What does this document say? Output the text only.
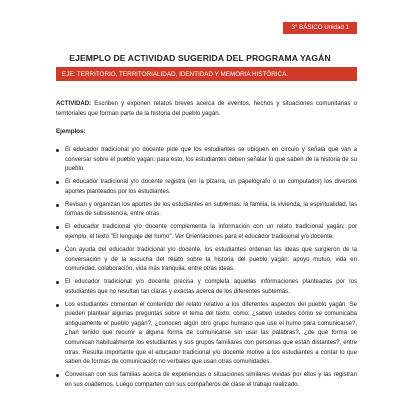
3° BÁSICO Unidad 1
EJEMPLO DE ACTIVIDAD SUGERIDA DEL PROGRAMA YAGÁN
EJE: TERRITORIO, TERRITORIALIDAD, IDENTIDAD Y MEMORIA HISTÓRICA.
ACTIVIDAD: Escriben y exponen relatos breves acerca de eventos, hechos y situaciones comunitarias o territoriales que forman parte de la historia del pueblo yagán.
Ejemplos:
El educador tradicional y/o docente pide que los estudiantes se ubiquen en círculo y señala que van a conversar sobre el pueblo yagán; para esto, los estudiantes deben señalar lo que saben de la historia de su pueblo.
El educador tradicional y/o docente registra (en la pizarra, un papelógrafo o un computador) los diversos aportes planteados por los estudiantes.
Revisan y organizan los aportes de los estudiantes en subtemas: la familia, la vivienda, la espiritualidad, las formas de subsistencia, entre otras.
El educador tradicional y/o docente complementa la información con un relato tradicional yagán; por ejemplo, el texto "El lenguaje del humo". Ver Orientaciones para el educador tradicional y/o docente.
Con ayuda del educador tradicional y/o docente, los estudiantes ordenan las ideas que surgieron de la conversación y de la escucha del relato sobre la historia del pueblo yagán: apoyo mutuo, vida en comunidad, colaboración, vida más tranquila, entre otras ideas.
El educador tradicional y/o docente precisa y completa aquellas informaciones planteadas por los estudiantes que no resultan tan claras y exactas acerca de los diferentes subtemas.
Los estudiantes comentan el contenido del relato relativo a los diferentes aspectos del pueblo yagán. Se pueden plantear algunas preguntas sobre el tema del texto, como: ¿saben ustedes cómo se comunicaba antiguamente el pueblo yagán?, ¿conocen algún otro grupo humano que use el humo para comunicarse?, ¿han tenido que recurrir a alguna forma de comunicarse sin usar las palabras?, ¿de qué forma se comunican habitualmente los estudiantes y sus grupos familiares con personas que están distantes?, entre otras. Resulta importante que el educador tradicional y/o docente motive a los estudiantes a contar lo que saben de formas de comunicación no verbales que usan otras comunidades.
Conversan con sus familias acerca de experiencias o situaciones similares vividas por ellos y las registran en sus cuadernos. Luego comparten con sus compañeros de clase el trabajo realizado.
